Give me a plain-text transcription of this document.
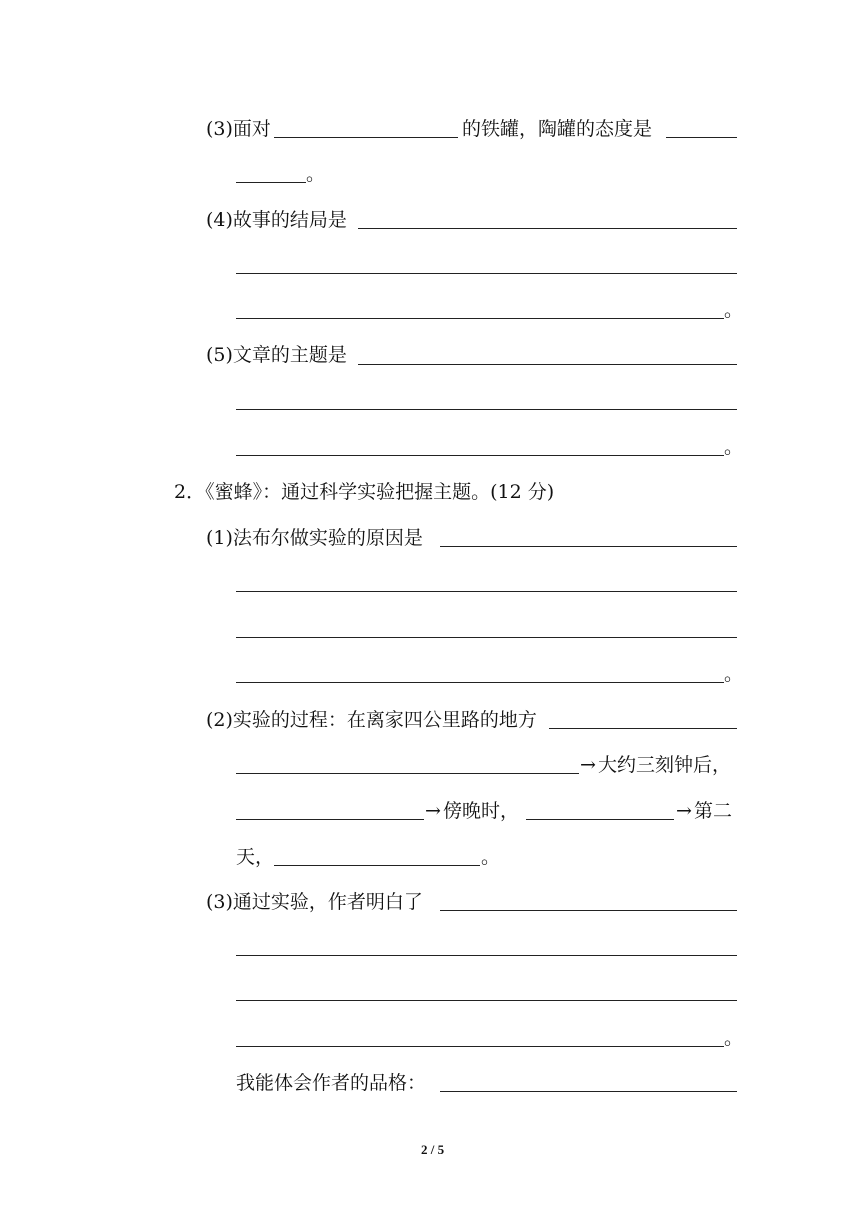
(3)面对	的铁罐，陶罐的态度是
。
(4)故事的结局是
。
(5)文章的主题是
。
2．《蜜蜂》：通过科学实验把握主题。(12 分)
(1)法布尔做实验的原因是
。
(2)实验的过程：在离家四公里路的地方
→ 大约三刻钟后，
→ 傍晚时，	→ 第二
天，	。
(3)通过实验，作者明白了
。
我能体会作者的品格：
2 / 5
